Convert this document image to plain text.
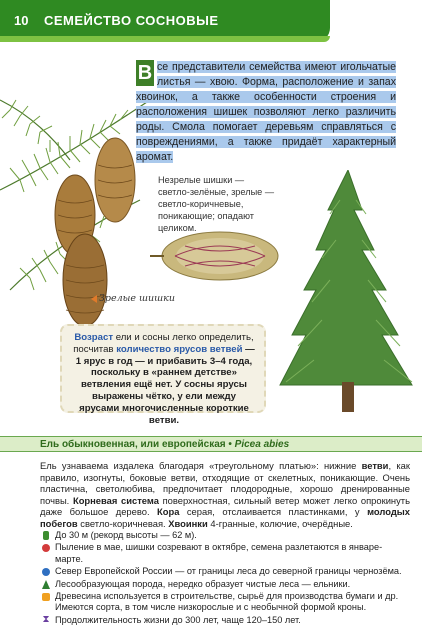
10 СЕМЕЙСТВО СОСНОВЫЕ
В се представители семейства имеют игольчатые листья — хвою. Форма, расположение и запах хвоинок, а также особенности строения и расположения шишек позволяют легко различить роды. Смола помогает деревьям справляться с повреждениями, а также придаёт характерный аромат.
Незрелые шишки — светло-зелёные, зрелые — светло-коричневые, поникающие; опадают целиком.
Зрелые шишки
Возраст ели и сосны легко определить, посчитав количество ярусов ветвей — 1 ярус в год — и прибавить 3–4 года, поскольку в «раннем детстве» ветвления ещё нет. У сосны ярусы выражены чётко, у ели между ярусами многочисленные короткие ветви.
Ель обыкновенная, или европейская • Picea abies
Ель узнаваема издалека благодаря «треугольному платью»: нижние ветви, как правило, изогнуты, боковые ветви, отходящие от скелетных, поникающие. Очень пластична, светолюбива, предпочитает плодородные, хорошо дренированные почвы. Корневая система поверхностная, сильный ветер может легко опрокинуть даже большое дерево. Кора серая, отслаивается пластинками, у молодых побегов светло-коричневая. Хвоинки 4-гранные, колючие, очерёдные.
До 30 м (рекорд высоты — 62 м).
Пыление в мае, шишки созревают в октябре, семена разлетаются в январе-марте.
Север Европейской России — от границы леса до северной границы чернозёма.
Лесообразующая порода, нередко образует чистые леса — ельники.
Древесина используется в строительстве, сырьё для производства бумаги и др. Имеются сорта, в том числе низкорослые и с необычной формой кроны.
⧗ Продолжительность жизни до 300 лет, чаще 120–150 лет.
